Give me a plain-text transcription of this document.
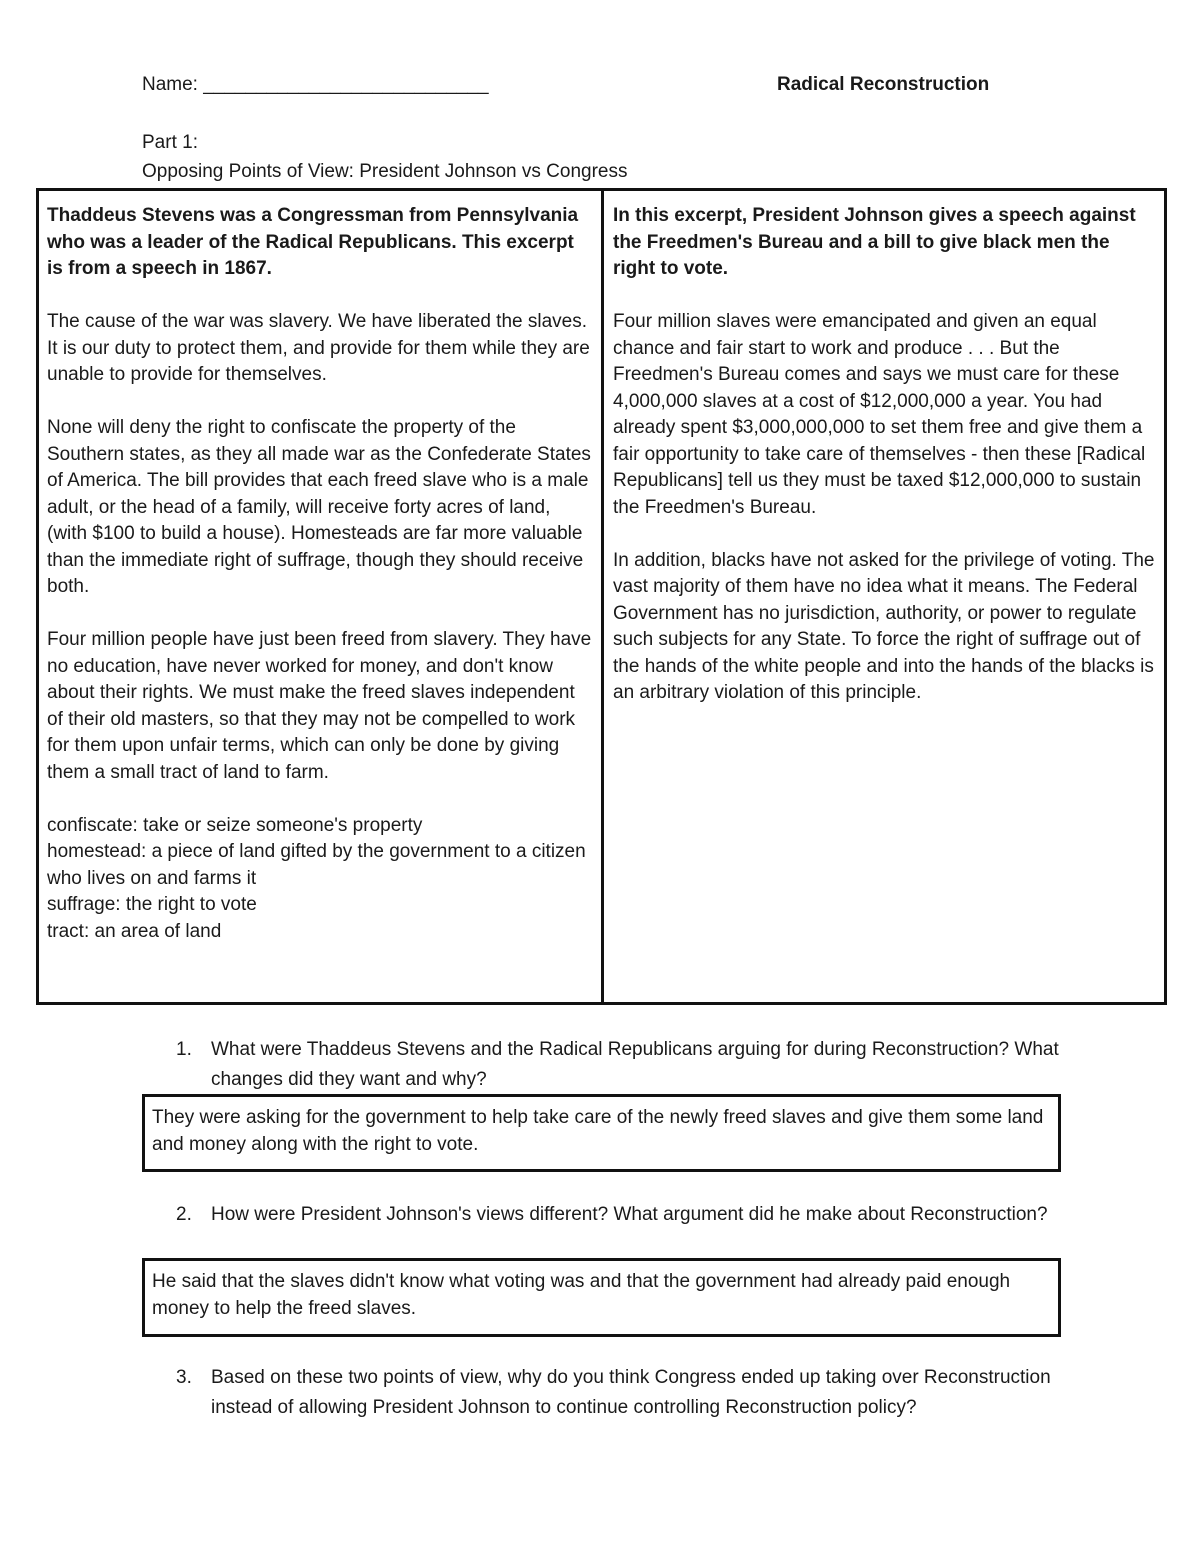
Name: ___________________________	Radical Reconstruction
Part 1:
Opposing Points of View: President Johnson vs Congress

Thaddeus Stevens was a Congressman from Pennsylvania who was a leader of the Radical Republicans. This excerpt is from a speech in 1867.

The cause of the war was slavery. We have liberated the slaves. It is our duty to protect them, and provide for them while they are unable to provide for themselves.

None will deny the right to confiscate the property of the Southern states, as they all made war as the Confederate States of America. The bill provides that each freed slave who is a male adult, or the head of a family, will receive forty acres of land, (with $100 to build a house). Homesteads are far more valuable than the immediate right of suffrage, though they should receive both.

Four million people have just been freed from slavery. They have no education, have never worked for money, and don't know about their rights. We must make the freed slaves independent of their old masters, so that they may not be compelled to work for them upon unfair terms, which can only be done by giving them a small tract of land to farm.

confiscate: take or seize someone's property

homestead: a piece of land gifted by the government to a citizen who lives on and farms it

suffrage: the right to vote

tract: an area of land

In this excerpt, President Johnson gives a speech against the Freedmen's Bureau and a bill to give black men the right to vote.

Four million slaves were emancipated and given an equal chance and fair start to work and produce . . . But the Freedmen's Bureau comes and says we must care for these 4,000,000 slaves at a cost of $12,000,000 a year. You had already spent $3,000,000,000 to set them free and give them a fair opportunity to take care of themselves - then these [Radical Republicans] tell us they must be taxed $12,000,000 to sustain the Freedmen's Bureau.

In addition, blacks have not asked for the privilege of voting. The vast majority of them have no idea what it means. The Federal Government has no jurisdiction, authority, or power to regulate such subjects for any State. To force the right of suffrage out of the hands of the white people and into the hands of the blacks is an arbitrary violation of this principle.

1.	What were Thaddeus Stevens and the Radical Republicans arguing for during Reconstruction? What changes did they want and why?
They were asking for the government to help take care of the newly freed slaves and give them some land and money along with the right to vote.
2.	How were President Johnson's views different? What argument did he make about Reconstruction?
He said that the slaves didn't know what voting was and that the government had already paid enough money to help the freed slaves.
3.	Based on these two points of view, why do you think Congress ended up taking over Reconstruction instead of allowing President Johnson to continue controlling Reconstruction policy?
